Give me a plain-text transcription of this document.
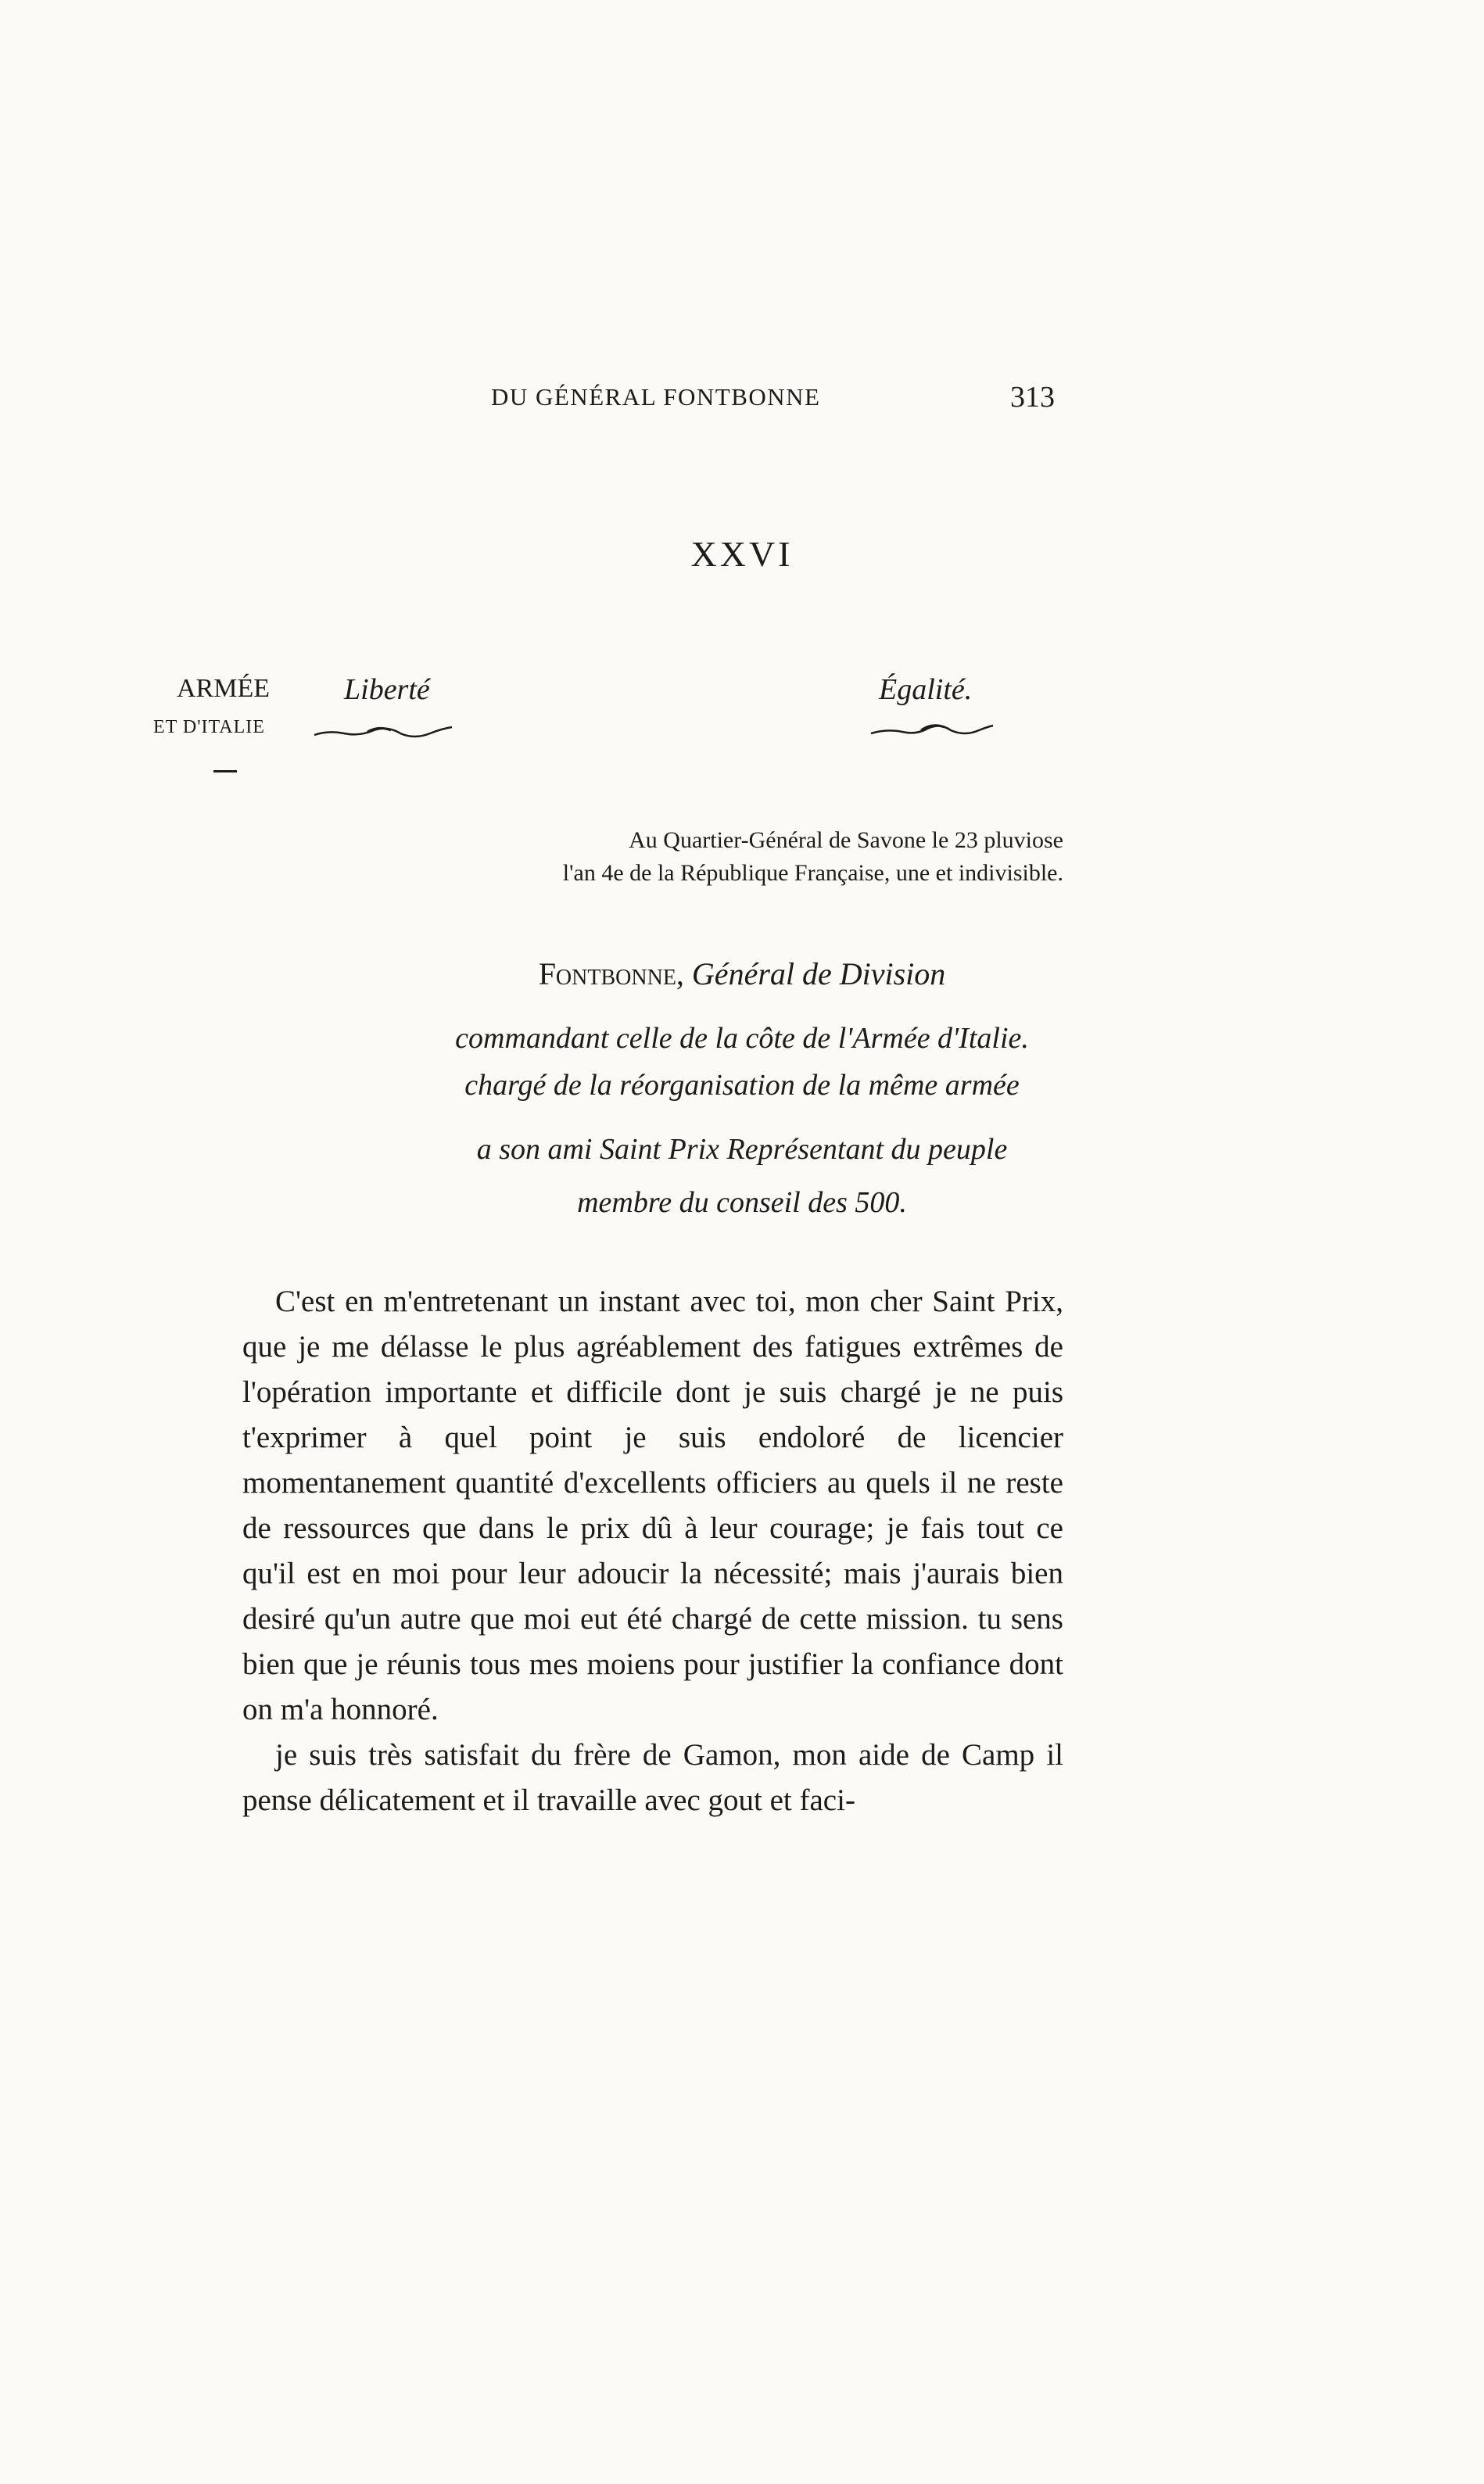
DU GÉNÉRAL FONTBONNE	313
XXVI
ARMÉE
ET D'ITALIE
Liberté	Égalité.
Au Quartier-Général de Savone le 23 pluviose
l'an 4e de la République Française, une et indivisible.
Fontbonne, Général de Division
commandant celle de la côte de l'Armée d'Italie.
chargé de la réorganisation de la même armée
a son ami Saint Prix Représentant du peuple
membre du conseil des 500.

C'est en m'entretenant un instant avec toi, mon cher Saint Prix, que je me délasse le plus agréablement des fatigues extrêmes de l'opération importante et difficile dont je suis chargé je ne puis t'exprimer à quel point je suis endoloré de licencier momentanement quantité d'excellents officiers au quels il ne reste de ressources que dans le prix dû à leur courage; je fais tout ce qu'il est en moi pour leur adoucir la nécessité; mais j'aurais bien desiré qu'un autre que moi eut été chargé de cette mission. tu sens bien que je réunis tous mes moiens pour justifier la confiance dont on m'a honnoré.

je suis très satisfait du frère de Gamon, mon aide de Camp il pense délicatement et il travaille avec gout et faci-
